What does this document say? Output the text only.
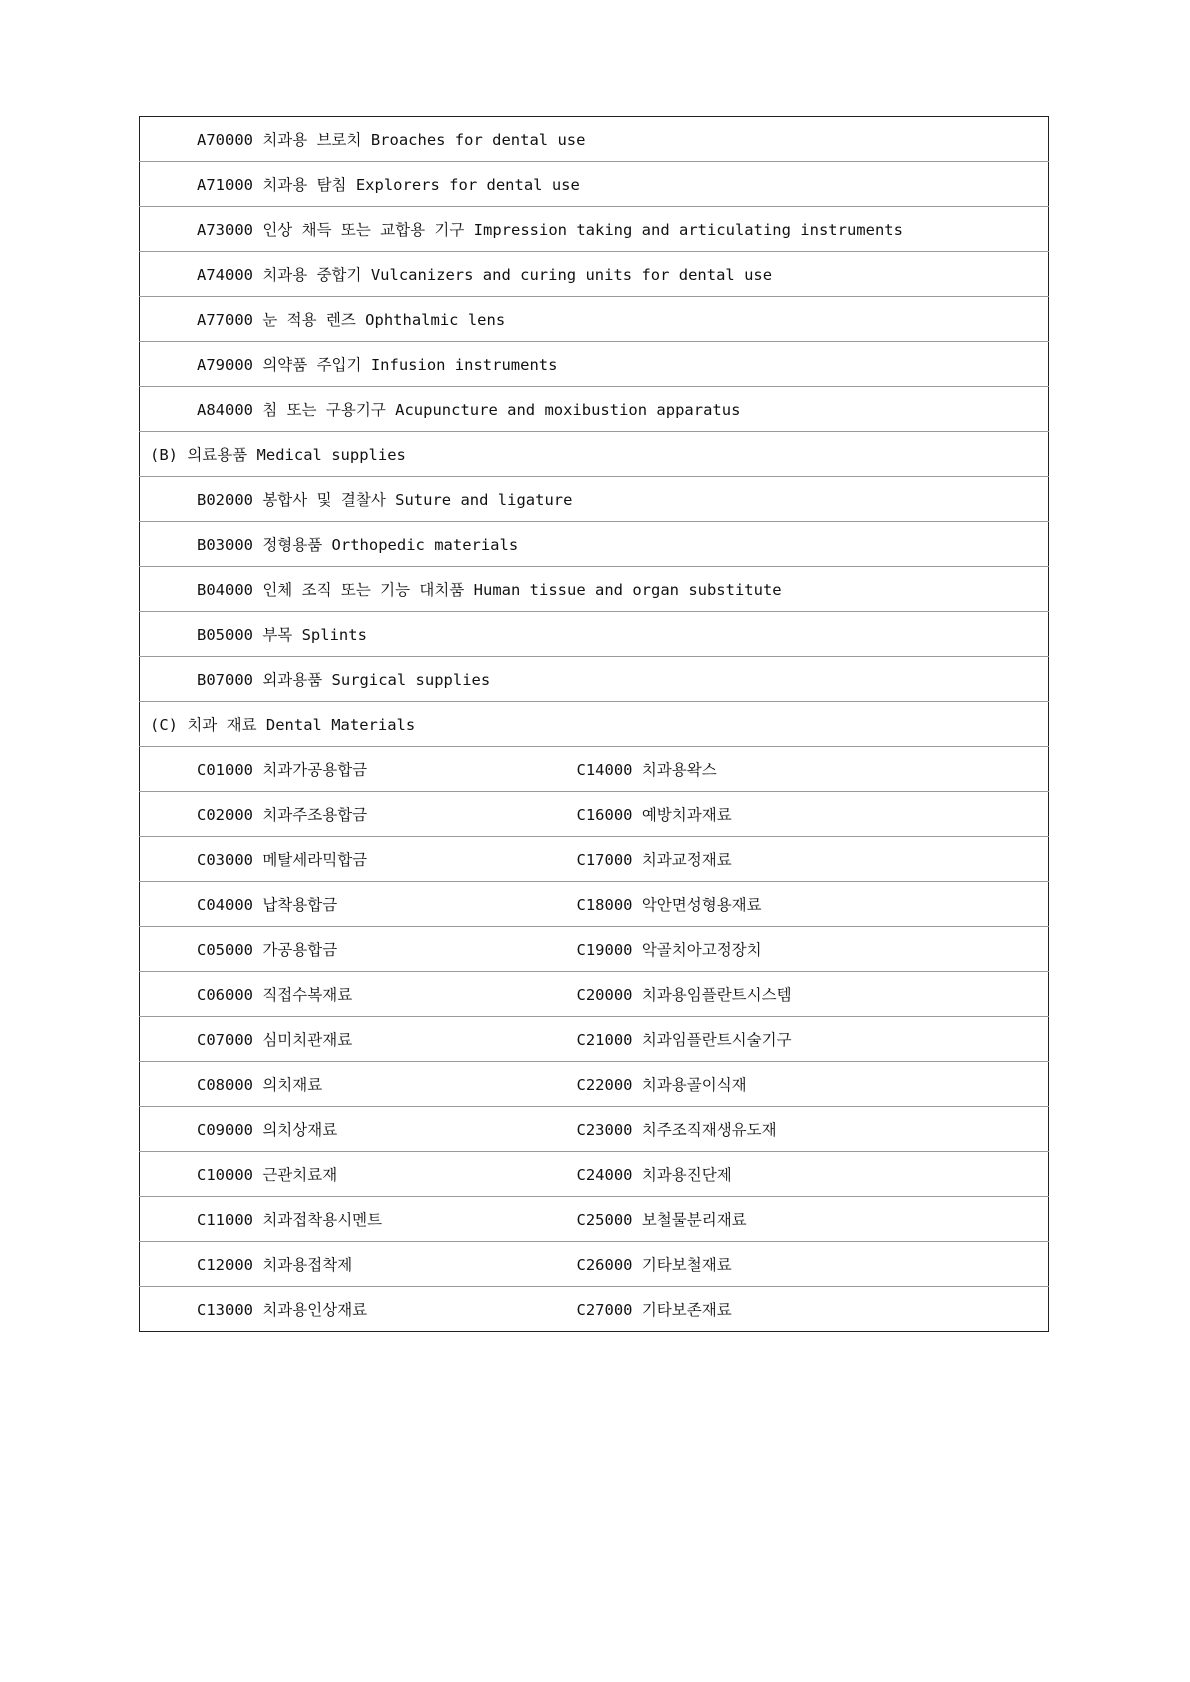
A70000 치과용 브로치 Broaches for dental use	

A71000 치과용 탐침 Explorers for dental use	

A73000 인상 채득 또는 교합용 기구 Impression taking and articulating instruments	

A74000 치과용 중합기 Vulcanizers and curing units for dental use	

A77000 눈 적용 렌즈 Ophthalmic lens	

A79000 의약품 주입기 Infusion instruments	

A84000 침 또는 구용기구 Acupuncture and moxibustion apparatus	

(B) 의료용품 Medical supplies	

B02000 봉합사 및 결찰사 Suture and ligature	

B03000 정형용품 Orthopedic materials	

B04000 인체 조직 또는 기능 대치품 Human tissue and organ substitute	

B05000 부목 Splints	

B07000 외과용품 Surgical supplies	

(C) 치과 재료 Dental Materials	

C01000 치과가공용합금	C14000 치과용왁스

C02000 치과주조용합금	C16000 예방치과재료

C03000 메탈세라믹합금	C17000 치과교정재료

C04000 납착용합금	C18000 악안면성형용재료

C05000 가공용합금	C19000 악골치아고정장치

C06000 직접수복재료	C20000 치과용임플란트시스템

C07000 심미치관재료	C21000 치과임플란트시술기구

C08000 의치재료	C22000 치과용골이식재

C09000 의치상재료	C23000 치주조직재생유도재

C10000 근관치료재	C24000 치과용진단제

C11000 치과접착용시멘트	C25000 보철물분리재료

C12000 치과용접착제	C26000 기타보철재료

C13000 치과용인상재료	C27000 기타보존재료
